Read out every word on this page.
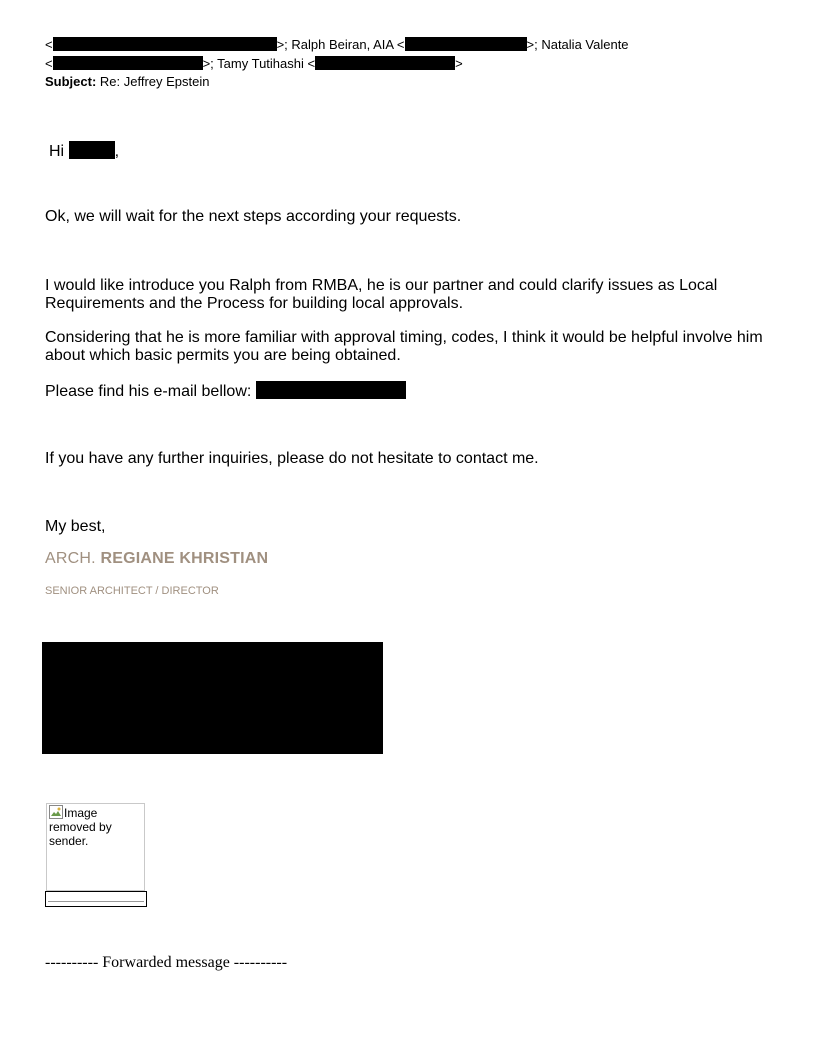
<	>; Ralph Beiran, AIA <	>; Natalia Valente
<	>; Tamy Tutihashi <	>
Subject: Re: Jeffrey Epstein
Hi	,
Ok, we will wait for the next steps according your requests.
I would like introduce you Ralph from RMBA, he is our partner and could clarify issues as Local Requirements and the Process for building local approvals.
Considering that he is more familiar with approval timing, codes, I think it would be helpful involve him about which basic permits you are being obtained.
Please find his e-mail bellow:
If you have any further inquiries, please do not hesitate to contact me.
My best,
ARCH. REGIANE KHRISTIAN
SENIOR ARCHITECT / DIRECTOR
Image removed by sender.
---------- Forwarded message ----------
